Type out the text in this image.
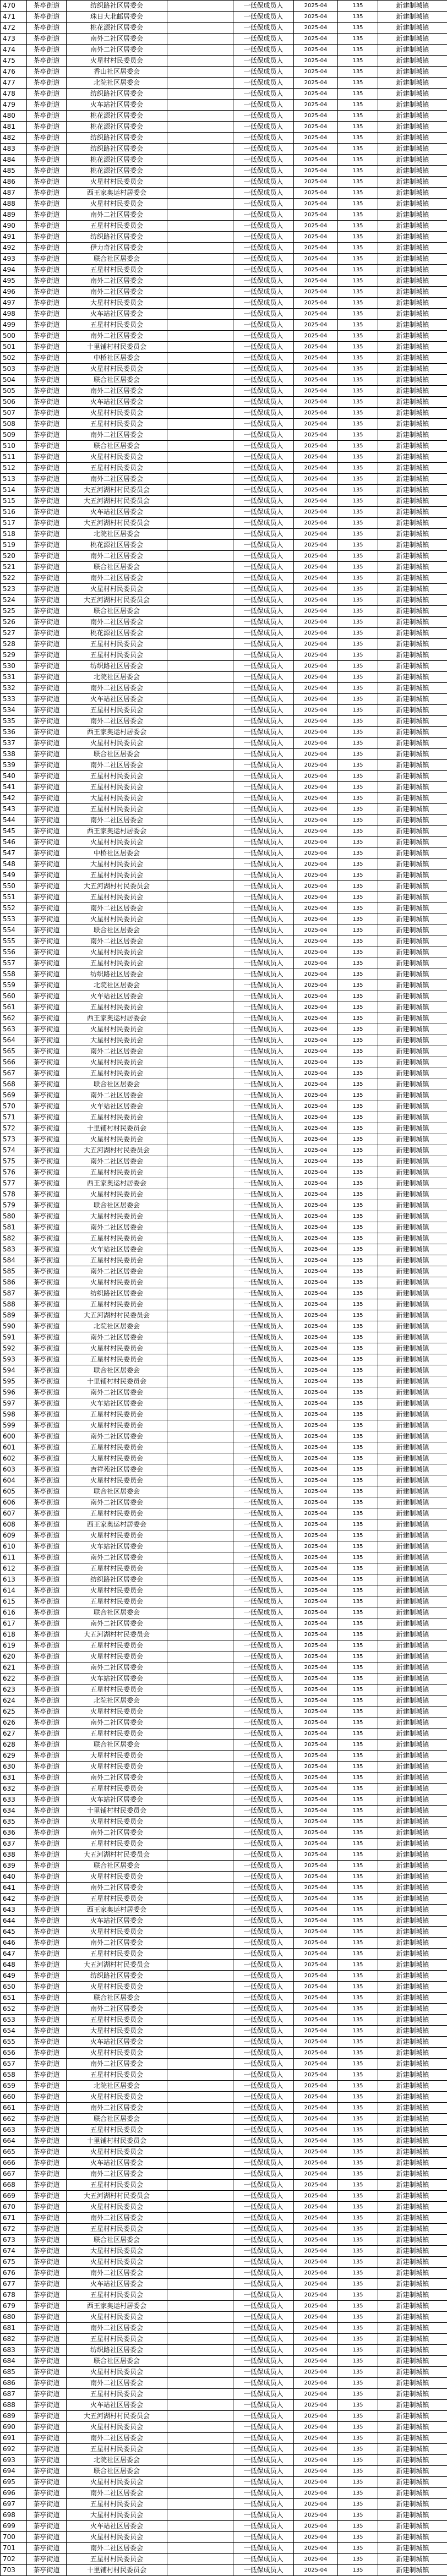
470	茶亭街道	纺织路社区居委会	一低保成员人	2025-04	135	新建制城镇
471	茶亭街道	珠日大北邮居委会	一低保成员人	2025-04	135	新建制城镇
472	茶亭街道	桃花源社区居委会	一低保成员人	2025-04	135	新建制城镇
473	茶亭街道	南外二社区居委会	一低保成员人	2025-04	135	新建制城镇
474	茶亭街道	南外二社区居委会	一低保成员人	2025-04	135	新建制城镇
475	茶亭街道	火星村村民委员会	一低保成员人	2025-04	135	新建制城镇
476	茶亭街道	香山社区居委会	一低保成员人	2025-04	135	新建制城镇
477	茶亭街道	北院社区居委会	一低保成员人	2025-04	135	新建制城镇
478	茶亭街道	纺织路社区居委会	一低保成员人	2025-04	135	新建制城镇
479	茶亭街道	火车站社区居委会	一低保成员人	2025-04	135	新建制城镇
480	茶亭街道	桃花源社区居委会	一低保成员人	2025-04	135	新建制城镇
481	茶亭街道	桃花源社区居委会	一低保成员人	2025-04	135	新建制城镇
482	茶亭街道	纺织路社区居委会	一低保成员人	2025-04	135	新建制城镇
483	茶亭街道	纺织路社区居委会	一低保成员人	2025-04	135	新建制城镇
484	茶亭街道	桃花源社区居委会	一低保成员人	2025-04	135	新建制城镇
485	茶亭街道	桃花源社区居委会	一低保成员人	2025-04	135	新建制城镇
486	茶亭街道	火星村村民委员会	一低保成员人	2025-04	135	新建制城镇
487	茶亭街道	西王家奥运村居委会	一低保成员人	2025-04	135	新建制城镇
488	茶亭街道	火星村村民委员会	一低保成员人	2025-04	135	新建制城镇
489	茶亭街道	南外二社区居委会	一低保成员人	2025-04	135	新建制城镇
490	茶亭街道	五星村村民委员会	一低保成员人	2025-04	135	新建制城镇
491	茶亭街道	纺织路社区居委会	一低保成员人	2025-04	135	新建制城镇
492	茶亭街道	伊力奇社区居委会	一低保成员人	2025-04	135	新建制城镇
493	茶亭街道	联合社区居委会	一低保成员人	2025-04	135	新建制城镇
494	茶亭街道	五星村村民委员会	一低保成员人	2025-04	135	新建制城镇
495	茶亭街道	南外二社区居委会	一低保成员人	2025-04	135	新建制城镇
496	茶亭街道	南外二社区居委会	一低保成员人	2025-04	135	新建制城镇
497	茶亭街道	大星村村民委员会	一低保成员人	2025-04	135	新建制城镇
498	茶亭街道	火车站社区居委会	一低保成员人	2025-04	135	新建制城镇
499	茶亭街道	五星村村民委员会	一低保成员人	2025-04	135	新建制城镇
500	茶亭街道	南外二社区居委会	一低保成员人	2025-04	135	新建制城镇
501	茶亭街道	十里铺村村民委员会	一低保成员人	2025-04	135	新建制城镇
502	茶亭街道	中桥社区居委会	一低保成员人	2025-04	135	新建制城镇
503	茶亭街道	火星村村民委员会	一低保成员人	2025-04	135	新建制城镇
504	茶亭街道	联合社区居委会	一低保成员人	2025-04	135	新建制城镇
505	茶亭街道	南外二社区居委会	一低保成员人	2025-04	135	新建制城镇
506	茶亭街道	火车站社区居委会	一低保成员人	2025-04	135	新建制城镇
507	茶亭街道	火星村村民委员会	一低保成员人	2025-04	135	新建制城镇
508	茶亭街道	五星村村民委员会	一低保成员人	2025-04	135	新建制城镇
509	茶亭街道	南外二社区居委会	一低保成员人	2025-04	135	新建制城镇
510	茶亭街道	联合社区居委会	一低保成员人	2025-04	135	新建制城镇
511	茶亭街道	火星村村民委员会	一低保成员人	2025-04	135	新建制城镇
512	茶亭街道	五星村村民委员会	一低保成员人	2025-04	135	新建制城镇
513	茶亭街道	南外二社区居委会	一低保成员人	2025-04	135	新建制城镇
514	茶亭街道	大五河湖村村民委员会	一低保成员人	2025-04	135	新建制城镇
515	茶亭街道	大五河湖村村民委员会	一低保成员人	2025-04	135	新建制城镇
516	茶亭街道	火车站社区居委会	一低保成员人	2025-04	135	新建制城镇
517	茶亭街道	大五河湖村村民委员会	一低保成员人	2025-04	135	新建制城镇
518	茶亭街道	北院社区居委会	一低保成员人	2025-04	135	新建制城镇
519	茶亭街道	桃花源社区居委会	一低保成员人	2025-04	135	新建制城镇
520	茶亭街道	南外二社区居委会	一低保成员人	2025-04	135	新建制城镇
521	茶亭街道	联合社区居委会	一低保成员人	2025-04	135	新建制城镇
522	茶亭街道	南外二社区居委会	一低保成员人	2025-04	135	新建制城镇
523	茶亭街道	火星村村民委员会	一低保成员人	2025-04	135	新建制城镇
524	茶亭街道	大五河湖村村民委员会	一低保成员人	2025-04	135	新建制城镇
525	茶亭街道	联合社区居委会	一低保成员人	2025-04	135	新建制城镇
526	茶亭街道	南外二社区居委会	一低保成员人	2025-04	135	新建制城镇
527	茶亭街道	桃花源社区居委会	一低保成员人	2025-04	135	新建制城镇
528	茶亭街道	五星村村民委员会	一低保成员人	2025-04	135	新建制城镇
529	茶亭街道	五星村村民委员会	一低保成员人	2025-04	135	新建制城镇
530	茶亭街道	纺织路社区居委会	一低保成员人	2025-04	135	新建制城镇
531	茶亭街道	北院社区居委会	一低保成员人	2025-04	135	新建制城镇
532	茶亭街道	南外二社区居委会	一低保成员人	2025-04	135	新建制城镇
533	茶亭街道	火车站社区居委会	一低保成员人	2025-04	135	新建制城镇
534	茶亭街道	五星村村民委员会	一低保成员人	2025-04	135	新建制城镇
535	茶亭街道	南外二社区居委会	一低保成员人	2025-04	135	新建制城镇
536	茶亭街道	西王家奥运村居委会	一低保成员人	2025-04	135	新建制城镇
537	茶亭街道	火星村村民委员会	一低保成员人	2025-04	135	新建制城镇
538	茶亭街道	联合社区居委会	一低保成员人	2025-04	135	新建制城镇
539	茶亭街道	南外二社区居委会	一低保成员人	2025-04	135	新建制城镇
540	茶亭街道	五星村村民委员会	一低保成员人	2025-04	135	新建制城镇
541	茶亭街道	五星村村民委员会	一低保成员人	2025-04	135	新建制城镇
542	茶亭街道	大星村村民委员会	一低保成员人	2025-04	135	新建制城镇
543	茶亭街道	五星村村民委员会	一低保成员人	2025-04	135	新建制城镇
544	茶亭街道	南外二社区居委会	一低保成员人	2025-04	135	新建制城镇
545	茶亭街道	西王家奥运村居委会	一低保成员人	2025-04	135	新建制城镇
546	茶亭街道	火星村村民委员会	一低保成员人	2025-04	135	新建制城镇
547	茶亭街道	中桥社区居委会	一低保成员人	2025-04	135	新建制城镇
548	茶亭街道	大星村村民委员会	一低保成员人	2025-04	135	新建制城镇
549	茶亭街道	五星村村民委员会	一低保成员人	2025-04	135	新建制城镇
550	茶亭街道	大五河湖村村民委员会	一低保成员人	2025-04	135	新建制城镇
551	茶亭街道	五星村村民委员会	一低保成员人	2025-04	135	新建制城镇
552	茶亭街道	南外二社区居委会	一低保成员人	2025-04	135	新建制城镇
553	茶亭街道	火星村村民委员会	一低保成员人	2025-04	135	新建制城镇
554	茶亭街道	联合社区居委会	一低保成员人	2025-04	135	新建制城镇
555	茶亭街道	南外二社区居委会	一低保成员人	2025-04	135	新建制城镇
556	茶亭街道	火星村村民委员会	一低保成员人	2025-04	135	新建制城镇
557	茶亭街道	五星村村民委员会	一低保成员人	2025-04	135	新建制城镇
558	茶亭街道	纺织路社区居委会	一低保成员人	2025-04	135	新建制城镇
559	茶亭街道	北院社区居委会	一低保成员人	2025-04	135	新建制城镇
560	茶亭街道	火车站社区居委会	一低保成员人	2025-04	135	新建制城镇
561	茶亭街道	五星村村民委员会	一低保成员人	2025-04	135	新建制城镇
562	茶亭街道	西王家奥运村居委会	一低保成员人	2025-04	135	新建制城镇
563	茶亭街道	火星村村民委员会	一低保成员人	2025-04	135	新建制城镇
564	茶亭街道	大星村村民委员会	一低保成员人	2025-04	135	新建制城镇
565	茶亭街道	南外二社区居委会	一低保成员人	2025-04	135	新建制城镇
566	茶亭街道	火星村村民委员会	一低保成员人	2025-04	135	新建制城镇
567	茶亭街道	五星村村民委员会	一低保成员人	2025-04	135	新建制城镇
568	茶亭街道	联合社区居委会	一低保成员人	2025-04	135	新建制城镇
569	茶亭街道	南外二社区居委会	一低保成员人	2025-04	135	新建制城镇
570	茶亭街道	火车站社区居委会	一低保成员人	2025-04	135	新建制城镇
571	茶亭街道	五星村村民委员会	一低保成员人	2025-04	135	新建制城镇
572	茶亭街道	十里铺村村民委员会	一低保成员人	2025-04	135	新建制城镇
573	茶亭街道	火星村村民委员会	一低保成员人	2025-04	135	新建制城镇
574	茶亭街道	大五河湖村村民委员会	一低保成员人	2025-04	135	新建制城镇
575	茶亭街道	南外二社区居委会	一低保成员人	2025-04	135	新建制城镇
576	茶亭街道	五星村村民委员会	一低保成员人	2025-04	135	新建制城镇
577	茶亭街道	西王家奥运村居委会	一低保成员人	2025-04	135	新建制城镇
578	茶亭街道	火星村村民委员会	一低保成员人	2025-04	135	新建制城镇
579	茶亭街道	联合社区居委会	一低保成员人	2025-04	135	新建制城镇
580	茶亭街道	大星村村民委员会	一低保成员人	2025-04	135	新建制城镇
581	茶亭街道	南外二社区居委会	一低保成员人	2025-04	135	新建制城镇
582	茶亭街道	五星村村民委员会	一低保成员人	2025-04	135	新建制城镇
583	茶亭街道	火车站社区居委会	一低保成员人	2025-04	135	新建制城镇
584	茶亭街道	五星村村民委员会	一低保成员人	2025-04	135	新建制城镇
585	茶亭街道	南外二社区居委会	一低保成员人	2025-04	135	新建制城镇
586	茶亭街道	火星村村民委员会	一低保成员人	2025-04	135	新建制城镇
587	茶亭街道	纺织路社区居委会	一低保成员人	2025-04	135	新建制城镇
588	茶亭街道	五星村村民委员会	一低保成员人	2025-04	135	新建制城镇
589	茶亭街道	大五河湖村村民委员会	一低保成员人	2025-04	135	新建制城镇
590	茶亭街道	北院社区居委会	一低保成员人	2025-04	135	新建制城镇
591	茶亭街道	南外二社区居委会	一低保成员人	2025-04	135	新建制城镇
592	茶亭街道	火星村村民委员会	一低保成员人	2025-04	135	新建制城镇
593	茶亭街道	五星村村民委员会	一低保成员人	2025-04	135	新建制城镇
594	茶亭街道	联合社区居委会	一低保成员人	2025-04	135	新建制城镇
595	茶亭街道	十里铺村村民委员会	一低保成员人	2025-04	135	新建制城镇
596	茶亭街道	南外二社区居委会	一低保成员人	2025-04	135	新建制城镇
597	茶亭街道	火车站社区居委会	一低保成员人	2025-04	135	新建制城镇
598	茶亭街道	五星村村民委员会	一低保成员人	2025-04	135	新建制城镇
599	茶亭街道	火星村村民委员会	一低保成员人	2025-04	135	新建制城镇
600	茶亭街道	南外二社区居委会	一低保成员人	2025-04	135	新建制城镇
601	茶亭街道	五星村村民委员会	一低保成员人	2025-04	135	新建制城镇
602	茶亭街道	大星村村民委员会	一低保成员人	2025-04	135	新建制城镇
603	茶亭街道	吉祥苑社区居委会	一低保成员人	2025-04	135	新建制城镇
604	茶亭街道	火星村村民委员会	一低保成员人	2025-04	135	新建制城镇
605	茶亭街道	联合社区居委会	一低保成员人	2025-04	135	新建制城镇
606	茶亭街道	南外二社区居委会	一低保成员人	2025-04	135	新建制城镇
607	茶亭街道	五星村村民委员会	一低保成员人	2025-04	135	新建制城镇
608	茶亭街道	西王家奥运村居委会	一低保成员人	2025-04	135	新建制城镇
609	茶亭街道	火星村村民委员会	一低保成员人	2025-04	135	新建制城镇
610	茶亭街道	火车站社区居委会	一低保成员人	2025-04	135	新建制城镇
611	茶亭街道	南外二社区居委会	一低保成员人	2025-04	135	新建制城镇
612	茶亭街道	五星村村民委员会	一低保成员人	2025-04	135	新建制城镇
613	茶亭街道	纺织路社区居委会	一低保成员人	2025-04	135	新建制城镇
614	茶亭街道	火星村村民委员会	一低保成员人	2025-04	135	新建制城镇
615	茶亭街道	五星村村民委员会	一低保成员人	2025-04	135	新建制城镇
616	茶亭街道	联合社区居委会	一低保成员人	2025-04	135	新建制城镇
617	茶亭街道	南外二社区居委会	一低保成员人	2025-04	135	新建制城镇
618	茶亭街道	大五河湖村村民委员会	一低保成员人	2025-04	135	新建制城镇
619	茶亭街道	五星村村民委员会	一低保成员人	2025-04	135	新建制城镇
620	茶亭街道	火星村村民委员会	一低保成员人	2025-04	135	新建制城镇
621	茶亭街道	南外二社区居委会	一低保成员人	2025-04	135	新建制城镇
622	茶亭街道	火车站社区居委会	一低保成员人	2025-04	135	新建制城镇
623	茶亭街道	五星村村民委员会	一低保成员人	2025-04	135	新建制城镇
624	茶亭街道	北院社区居委会	一低保成员人	2025-04	135	新建制城镇
625	茶亭街道	火星村村民委员会	一低保成员人	2025-04	135	新建制城镇
626	茶亭街道	南外二社区居委会	一低保成员人	2025-04	135	新建制城镇
627	茶亭街道	五星村村民委员会	一低保成员人	2025-04	135	新建制城镇
628	茶亭街道	联合社区居委会	一低保成员人	2025-04	135	新建制城镇
629	茶亭街道	大星村村民委员会	一低保成员人	2025-04	135	新建制城镇
630	茶亭街道	火星村村民委员会	一低保成员人	2025-04	135	新建制城镇
631	茶亭街道	南外二社区居委会	一低保成员人	2025-04	135	新建制城镇
632	茶亭街道	五星村村民委员会	一低保成员人	2025-04	135	新建制城镇
633	茶亭街道	火车站社区居委会	一低保成员人	2025-04	135	新建制城镇
634	茶亭街道	十里铺村村民委员会	一低保成员人	2025-04	135	新建制城镇
635	茶亭街道	火星村村民委员会	一低保成员人	2025-04	135	新建制城镇
636	茶亭街道	南外二社区居委会	一低保成员人	2025-04	135	新建制城镇
637	茶亭街道	五星村村民委员会	一低保成员人	2025-04	135	新建制城镇
638	茶亭街道	大五河湖村村民委员会	一低保成员人	2025-04	135	新建制城镇
639	茶亭街道	联合社区居委会	一低保成员人	2025-04	135	新建制城镇
640	茶亭街道	火星村村民委员会	一低保成员人	2025-04	135	新建制城镇
641	茶亭街道	南外二社区居委会	一低保成员人	2025-04	135	新建制城镇
642	茶亭街道	五星村村民委员会	一低保成员人	2025-04	135	新建制城镇
643	茶亭街道	西王家奥运村居委会	一低保成员人	2025-04	135	新建制城镇
644	茶亭街道	火车站社区居委会	一低保成员人	2025-04	135	新建制城镇
645	茶亭街道	火星村村民委员会	一低保成员人	2025-04	135	新建制城镇
646	茶亭街道	南外二社区居委会	一低保成员人	2025-04	135	新建制城镇
647	茶亭街道	五星村村民委员会	一低保成员人	2025-04	135	新建制城镇
648	茶亭街道	大五河湖村村民委员会	一低保成员人	2025-04	135	新建制城镇
649	茶亭街道	纺织路社区居委会	一低保成员人	2025-04	135	新建制城镇
650	茶亭街道	火星村村民委员会	一低保成员人	2025-04	135	新建制城镇
651	茶亭街道	联合社区居委会	一低保成员人	2025-04	135	新建制城镇
652	茶亭街道	南外二社区居委会	一低保成员人	2025-04	135	新建制城镇
653	茶亭街道	五星村村民委员会	一低保成员人	2025-04	135	新建制城镇
654	茶亭街道	大星村村民委员会	一低保成员人	2025-04	135	新建制城镇
655	茶亭街道	火车站社区居委会	一低保成员人	2025-04	135	新建制城镇
656	茶亭街道	火星村村民委员会	一低保成员人	2025-04	135	新建制城镇
657	茶亭街道	南外二社区居委会	一低保成员人	2025-04	135	新建制城镇
658	茶亭街道	五星村村民委员会	一低保成员人	2025-04	135	新建制城镇
659	茶亭街道	北院社区居委会	一低保成员人	2025-04	135	新建制城镇
660	茶亭街道	火星村村民委员会	一低保成员人	2025-04	135	新建制城镇
661	茶亭街道	南外二社区居委会	一低保成员人	2025-04	135	新建制城镇
662	茶亭街道	联合社区居委会	一低保成员人	2025-04	135	新建制城镇
663	茶亭街道	五星村村民委员会	一低保成员人	2025-04	135	新建制城镇
664	茶亭街道	十里铺村村民委员会	一低保成员人	2025-04	135	新建制城镇
665	茶亭街道	火星村村民委员会	一低保成员人	2025-04	135	新建制城镇
666	茶亭街道	火车站社区居委会	一低保成员人	2025-04	135	新建制城镇
667	茶亭街道	南外二社区居委会	一低保成员人	2025-04	135	新建制城镇
668	茶亭街道	五星村村民委员会	一低保成员人	2025-04	135	新建制城镇
669	茶亭街道	大五河湖村村民委员会	一低保成员人	2025-04	135	新建制城镇
670	茶亭街道	火星村村民委员会	一低保成员人	2025-04	135	新建制城镇
671	茶亭街道	南外二社区居委会	一低保成员人	2025-04	135	新建制城镇
672	茶亭街道	五星村村民委员会	一低保成员人	2025-04	135	新建制城镇
673	茶亭街道	联合社区居委会	一低保成员人	2025-04	135	新建制城镇
674	茶亭街道	大星村村民委员会	一低保成员人	2025-04	135	新建制城镇
675	茶亭街道	火星村村民委员会	一低保成员人	2025-04	135	新建制城镇
676	茶亭街道	南外二社区居委会	一低保成员人	2025-04	135	新建制城镇
677	茶亭街道	火车站社区居委会	一低保成员人	2025-04	135	新建制城镇
678	茶亭街道	五星村村民委员会	一低保成员人	2025-04	135	新建制城镇
679	茶亭街道	西王家奥运村居委会	一低保成员人	2025-04	135	新建制城镇
680	茶亭街道	火星村村民委员会	一低保成员人	2025-04	135	新建制城镇
681	茶亭街道	南外二社区居委会	一低保成员人	2025-04	135	新建制城镇
682	茶亭街道	五星村村民委员会	一低保成员人	2025-04	135	新建制城镇
683	茶亭街道	纺织路社区居委会	一低保成员人	2025-04	135	新建制城镇
684	茶亭街道	联合社区居委会	一低保成员人	2025-04	135	新建制城镇
685	茶亭街道	火星村村民委员会	一低保成员人	2025-04	135	新建制城镇
686	茶亭街道	南外二社区居委会	一低保成员人	2025-04	135	新建制城镇
687	茶亭街道	五星村村民委员会	一低保成员人	2025-04	135	新建制城镇
688	茶亭街道	火车站社区居委会	一低保成员人	2025-04	135	新建制城镇
689	茶亭街道	大五河湖村村民委员会	一低保成员人	2025-04	135	新建制城镇
690	茶亭街道	火星村村民委员会	一低保成员人	2025-04	135	新建制城镇
691	茶亭街道	南外二社区居委会	一低保成员人	2025-04	135	新建制城镇
692	茶亭街道	五星村村民委员会	一低保成员人	2025-04	135	新建制城镇
693	茶亭街道	北院社区居委会	一低保成员人	2025-04	135	新建制城镇
694	茶亭街道	联合社区居委会	一低保成员人	2025-04	135	新建制城镇
695	茶亭街道	火星村村民委员会	一低保成员人	2025-04	135	新建制城镇
696	茶亭街道	南外二社区居委会	一低保成员人	2025-04	135	新建制城镇
697	茶亭街道	五星村村民委员会	一低保成员人	2025-04	135	新建制城镇
698	茶亭街道	大星村村民委员会	一低保成员人	2025-04	135	新建制城镇
699	茶亭街道	火车站社区居委会	一低保成员人	2025-04	135	新建制城镇
700	茶亭街道	火星村村民委员会	一低保成员人	2025-04	135	新建制城镇
701	茶亭街道	南外二社区居委会	一低保成员人	2025-04	135	新建制城镇
702	茶亭街道	五星村村民委员会	一低保成员人	2025-04	135	新建制城镇
703	茶亭街道	十里铺村村民委员会	一低保成员人	2025-04	135	新建制城镇
